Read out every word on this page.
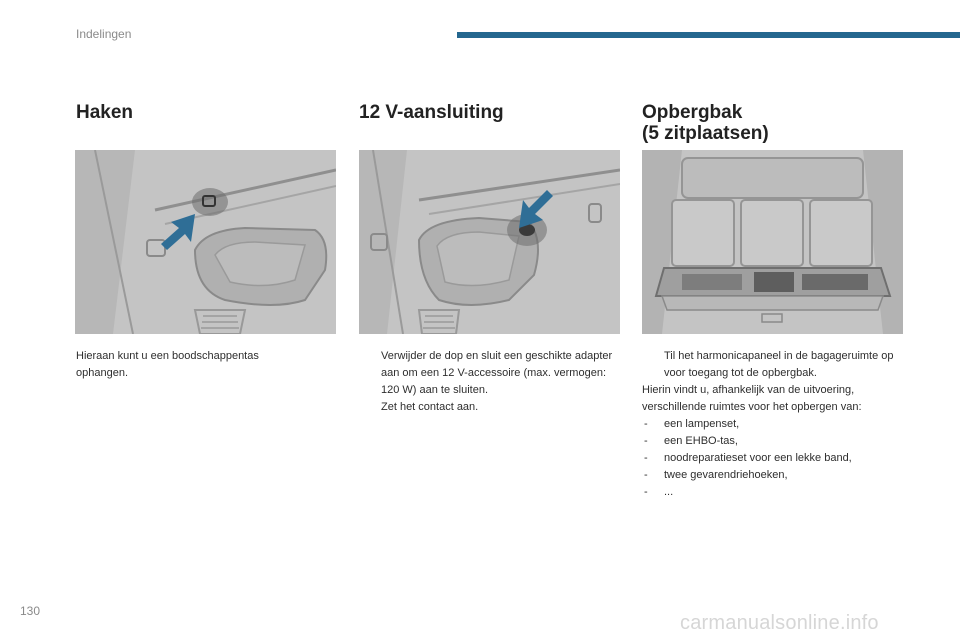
Indelingen
Haken
Hieraan kunt u een boodschappentas ophangen.
12 V-aansluiting
Verwijder de dop en sluit een geschikte adapter aan om een 12 V-accessoire (max. vermogen: 120 W) aan te sluiten.
Zet het contact aan.
Opbergbak
(5 zitplaatsen)
Til het harmonicapaneel in de bagageruimte op voor toegang tot de opbergbak.
Hierin vindt u, afhankelijk van de uitvoering, verschillende ruimtes voor het opbergen van:
- een lampenset,
- een EHBO-tas,
- noodreparatieset voor een lekke band,
- twee gevarendriehoeken,
- ...
130
carmanualsonline.info
